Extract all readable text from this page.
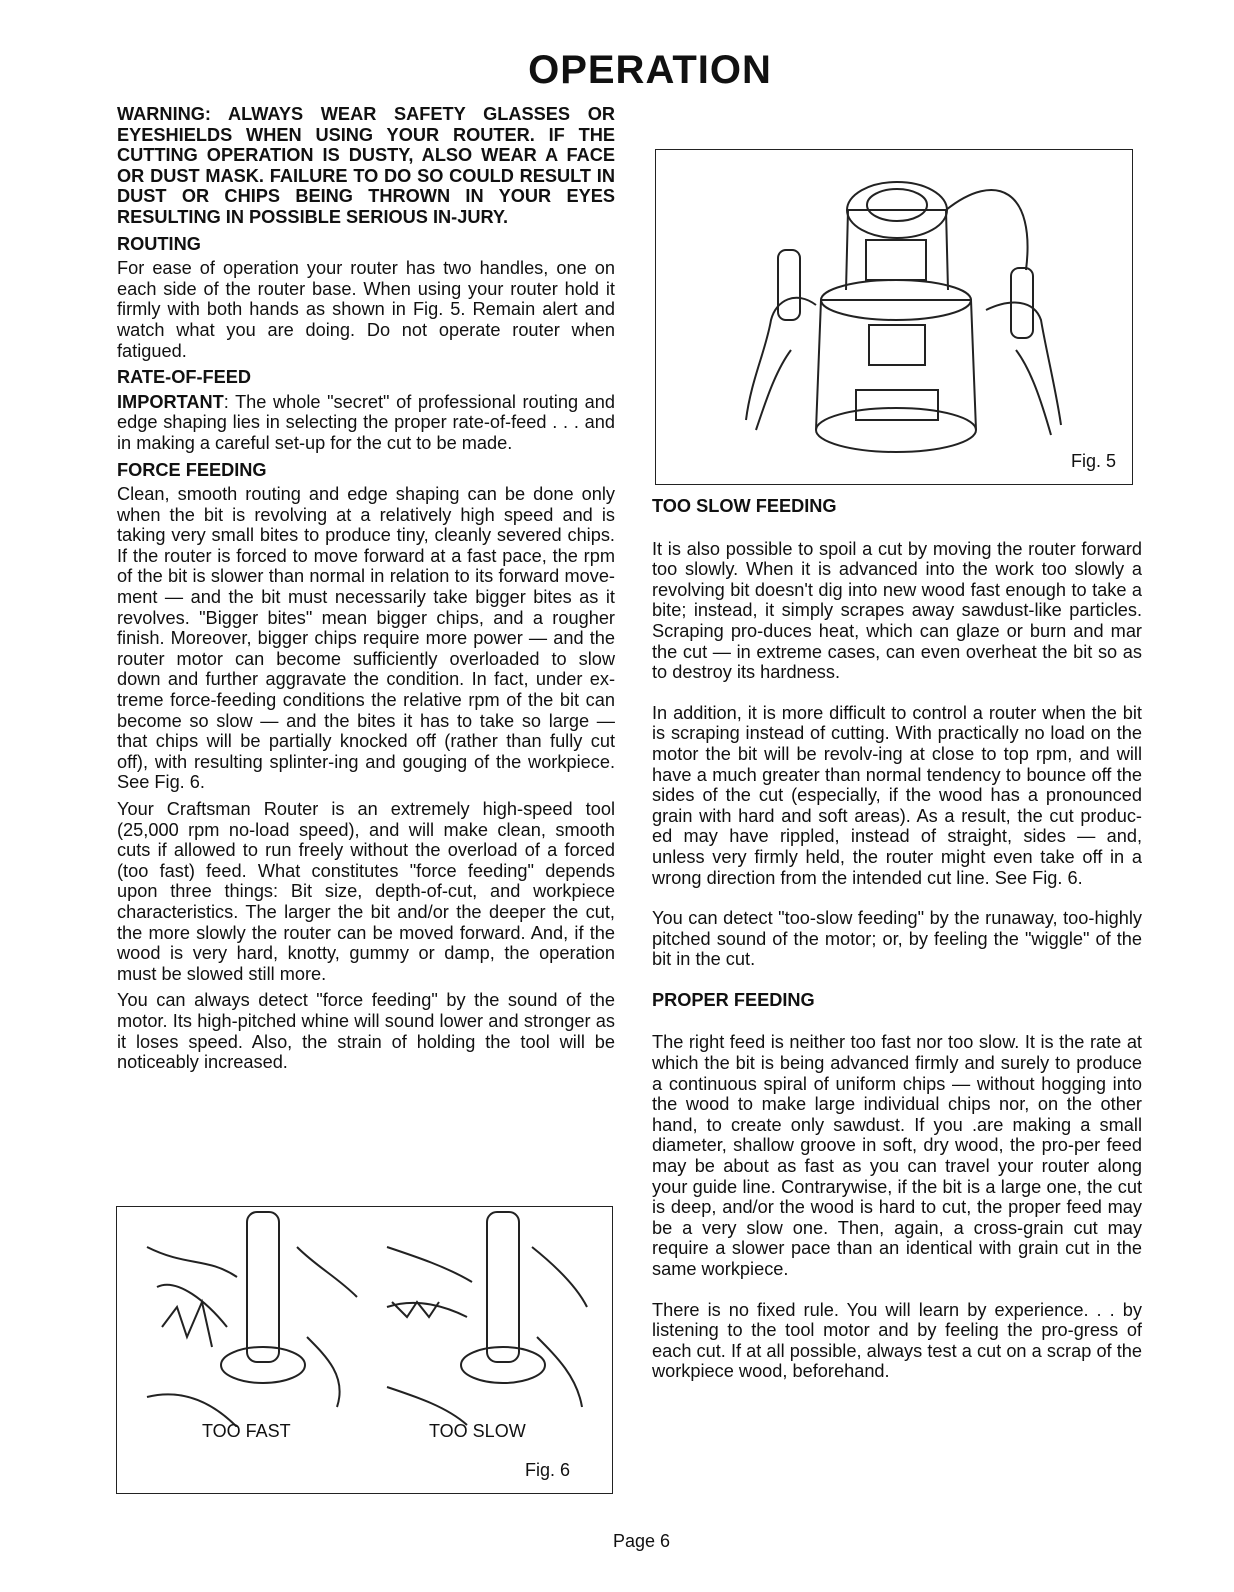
OPERATION

WARNING: ALWAYS WEAR SAFETY GLASSES OR EYESHIELDS WHEN USING YOUR ROUTER. IF THE CUTTING OPERATION IS DUSTY, ALSO WEAR A FACE OR DUST MASK. FAILURE TO DO SO COULD RESULT IN DUST OR CHIPS BEING THROWN IN YOUR EYES RESULTING IN POSSIBLE SERIOUS IN-JURY.

ROUTING

For ease of operation your router has two handles, one on each side of the router base. When using your router hold it firmly with both hands as shown in Fig. 5. Remain alert and watch what you are doing. Do not operate router when fatigued.

RATE-OF-FEED

IMPORTANT: The whole "secret" of professional routing and edge shaping lies in selecting the proper rate-of-feed . . . and in making a careful set-up for the cut to be made.

FORCE FEEDING

Clean, smooth routing and edge shaping can be done only when the bit is revolving at a relatively high speed and is taking very small bites to produce tiny, cleanly severed chips. If the router is forced to move forward at a fast pace, the rpm of the bit is slower than normal in relation to its forward move-ment — and the bit must necessarily take bigger bites as it revolves. "Bigger bites" mean bigger chips, and a rougher finish. Moreover, bigger chips require more power — and the router motor can become sufficiently overloaded to slow down and further aggravate the condition. In fact, under ex-treme force-feeding conditions the relative rpm of the bit can become so slow — and the bites it has to take so large — that chips will be partially knocked off (rather than fully cut off), with resulting splinter-ing and gouging of the workpiece. See Fig. 6.

Your Craftsman Router is an extremely high-speed tool (25,000 rpm no-load speed), and will make clean, smooth cuts if allowed to run freely without the overload of a forced (too fast) feed. What constitutes "force feeding" depends upon three things: Bit size, depth-of-cut, and workpiece characteristics. The larger the bit and/or the deeper the cut, the more slowly the router can be moved forward. And, if the wood is very hard, knotty, gummy or damp, the operation must be slowed still more.

You can always detect "force feeding" by the sound of the motor. Its high-pitched whine will sound lower and stronger as it loses speed. Also, the strain of holding the tool will be noticeably increased.

Fig. 5
TOO FAST	TOO SLOW
Fig. 6
TOO SLOW FEEDING

It is also possible to spoil a cut by moving the router forward too slowly. When it is advanced into the work too slowly a revolving bit doesn't dig into new wood fast enough to take a bite; instead, it simply scrapes away sawdust-like particles. Scraping pro-duces heat, which can glaze or burn and mar the cut — in extreme cases, can even overheat the bit so as to destroy its hardness.

In addition, it is more difficult to control a router when the bit is scraping instead of cutting. With practically no load on the motor the bit will be revolv-ing at close to top rpm, and will have a much greater than normal tendency to bounce off the sides of the cut (especially, if the wood has a pronounced grain with hard and soft areas). As a result, the cut produc-ed may have rippled, instead of straight, sides — and, unless very firmly held, the router might even take off in a wrong direction from the intended cut line. See Fig. 6.

You can detect "too-slow feeding" by the runaway, too-highly pitched sound of the motor; or, by feeling the "wiggle" of the bit in the cut.

PROPER FEEDING

The right feed is neither too fast nor too slow. It is the rate at which the bit is being advanced firmly and surely to produce a continuous spiral of uniform chips — without hogging into the wood to make large individual chips nor, on the other hand, to create only sawdust. If you .are making a small diameter, shallow groove in soft, dry wood, the pro-per feed may be about as fast as you can travel your router along your guide line. Contrarywise, if the bit is a large one, the cut is deep, and/or the wood is hard to cut, the proper feed may be a very slow one. Then, again, a cross-grain cut may require a slower pace than an identical with grain cut in the same workpiece.

There is no fixed rule. You will learn by experience. . . by listening to the tool motor and by feeling the pro-gress of each cut. If at all possible, always test a cut on a scrap of the workpiece wood, beforehand.

Page 6
